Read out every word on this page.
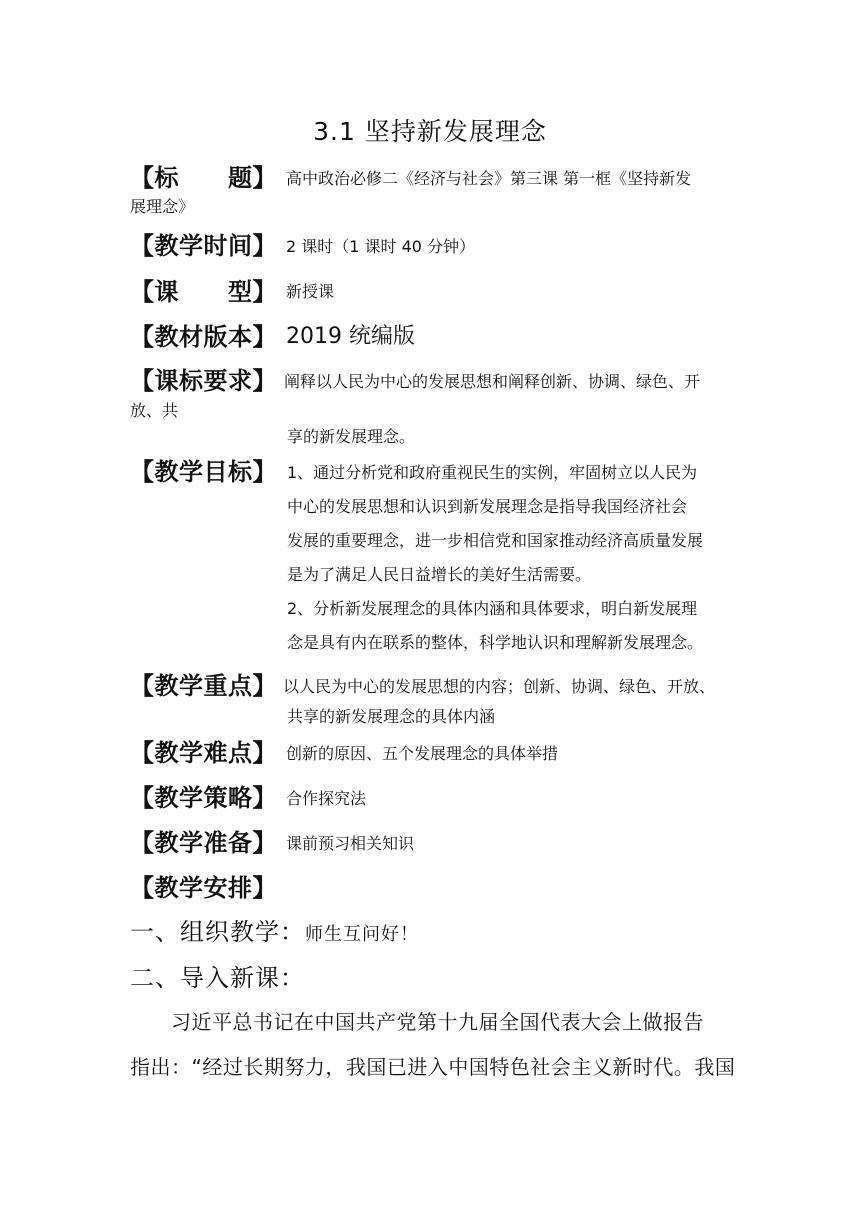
3.1 坚持新发展理念
【标　　题】 高中政治必修二《经济与社会》第三课 第一框《坚持新发
展理念》
【教学时间】 2 课时（1 课时 40 分钟）
【课　　型】 新授课
【教材版本】 2019 统编版
【课标要求】 阐释以人民为中心的发展思想和阐释创新、协调、绿色、开
放、共
享的新发展理念。
【教学目标】 1、通过分析党和政府重视民生的实例，牢固树立以人民为
中心的发展思想和认识到新发展理念是指导我国经济社会
发展的重要理念，进一步相信党和国家推动经济高质量发展
是为了满足人民日益增长的美好生活需要。
2、分析新发展理念的具体内涵和具体要求，明白新发展理
念是具有内在联系的整体，科学地认识和理解新发展理念。
【教学重点】 以人民为中心的发展思想的内容；创新、协调、绿色、开放、
共享的新发展理念的具体内涵
【教学难点】 创新的原因、五个发展理念的具体举措
【教学策略】 合作探究法
【教学准备】 课前预习相关知识
【教学安排】
一、组织教学：师生互问好！
二、导入新课：
　　习近平总书记在中国共产党第十九届全国代表大会上做报告
指出：“经过长期努力，我国已进入中国特色社会主义新时代。我国
